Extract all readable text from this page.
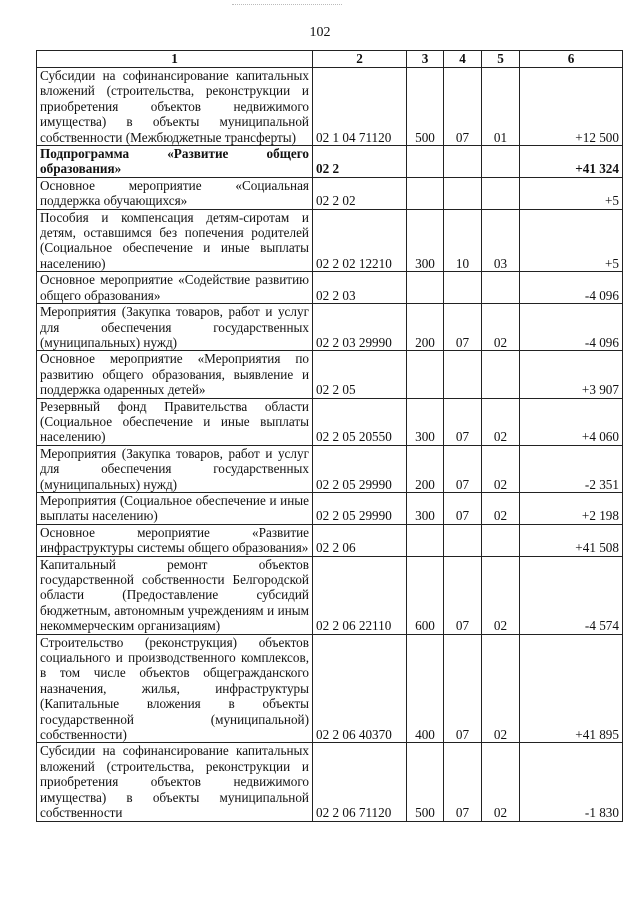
102
1	2	3	4	5	6
Субсидии на софинансирование капитальных вложений (строительства, реконструкции и приобретения объектов недвижимого имущества) в объекты муниципальной собственности (Межбюджетные трансферты)	02 1 04 71120	500	07	01	+12 500
Подпрограмма «Развитие общего образования»	02 2				+41 324
Основное мероприятие «Социальная поддержка обучающихся»	02 2 02				+5
Пособия и компенсация детям-сиротам и детям, оставшимся без попечения родителей (Социальное обеспечение и иные выплаты населению)	02 2 02 12210	300	10	03	+5
Основное мероприятие «Содействие развитию общего образования»	02 2 03				-4 096
Мероприятия (Закупка товаров, работ и услуг для обеспечения государственных (муниципальных) нужд)	02 2 03 29990	200	07	02	-4 096
Основное мероприятие «Мероприятия по развитию общего образования, выявление и поддержка одаренных детей»	02 2 05				+3 907
Резервный фонд Правительства области (Социальное обеспечение и иные выплаты населению)	02 2 05 20550	300	07	02	+4 060
Мероприятия (Закупка товаров, работ и услуг для обеспечения государственных (муниципальных) нужд)	02 2 05 29990	200	07	02	-2 351
Мероприятия (Социальное обеспечение и иные выплаты населению)	02 2 05 29990	300	07	02	+2 198
Основное мероприятие «Развитие инфраструктуры системы общего образования»	02 2 06				+41 508
Капитальный ремонт объектов государственной собственности Белгородской области (Предоставление субсидий бюджетным, автономным учреждениям и иным некоммерческим организациям)	02 2 06 22110	600	07	02	-4 574
Строительство (реконструкция) объектов социального и производственного комплексов, в том числе объектов общегражданского назначения, жилья, инфраструктуры (Капитальные вложения в объекты государственной (муниципальной) собственности)	02 2 06 40370	400	07	02	+41 895
Субсидии на софинансирование капитальных вложений (строительства, реконструкции и приобретения объектов недвижимого имущества) в объекты муниципальной собственности	02 2 06 71120	500	07	02	-1 830
